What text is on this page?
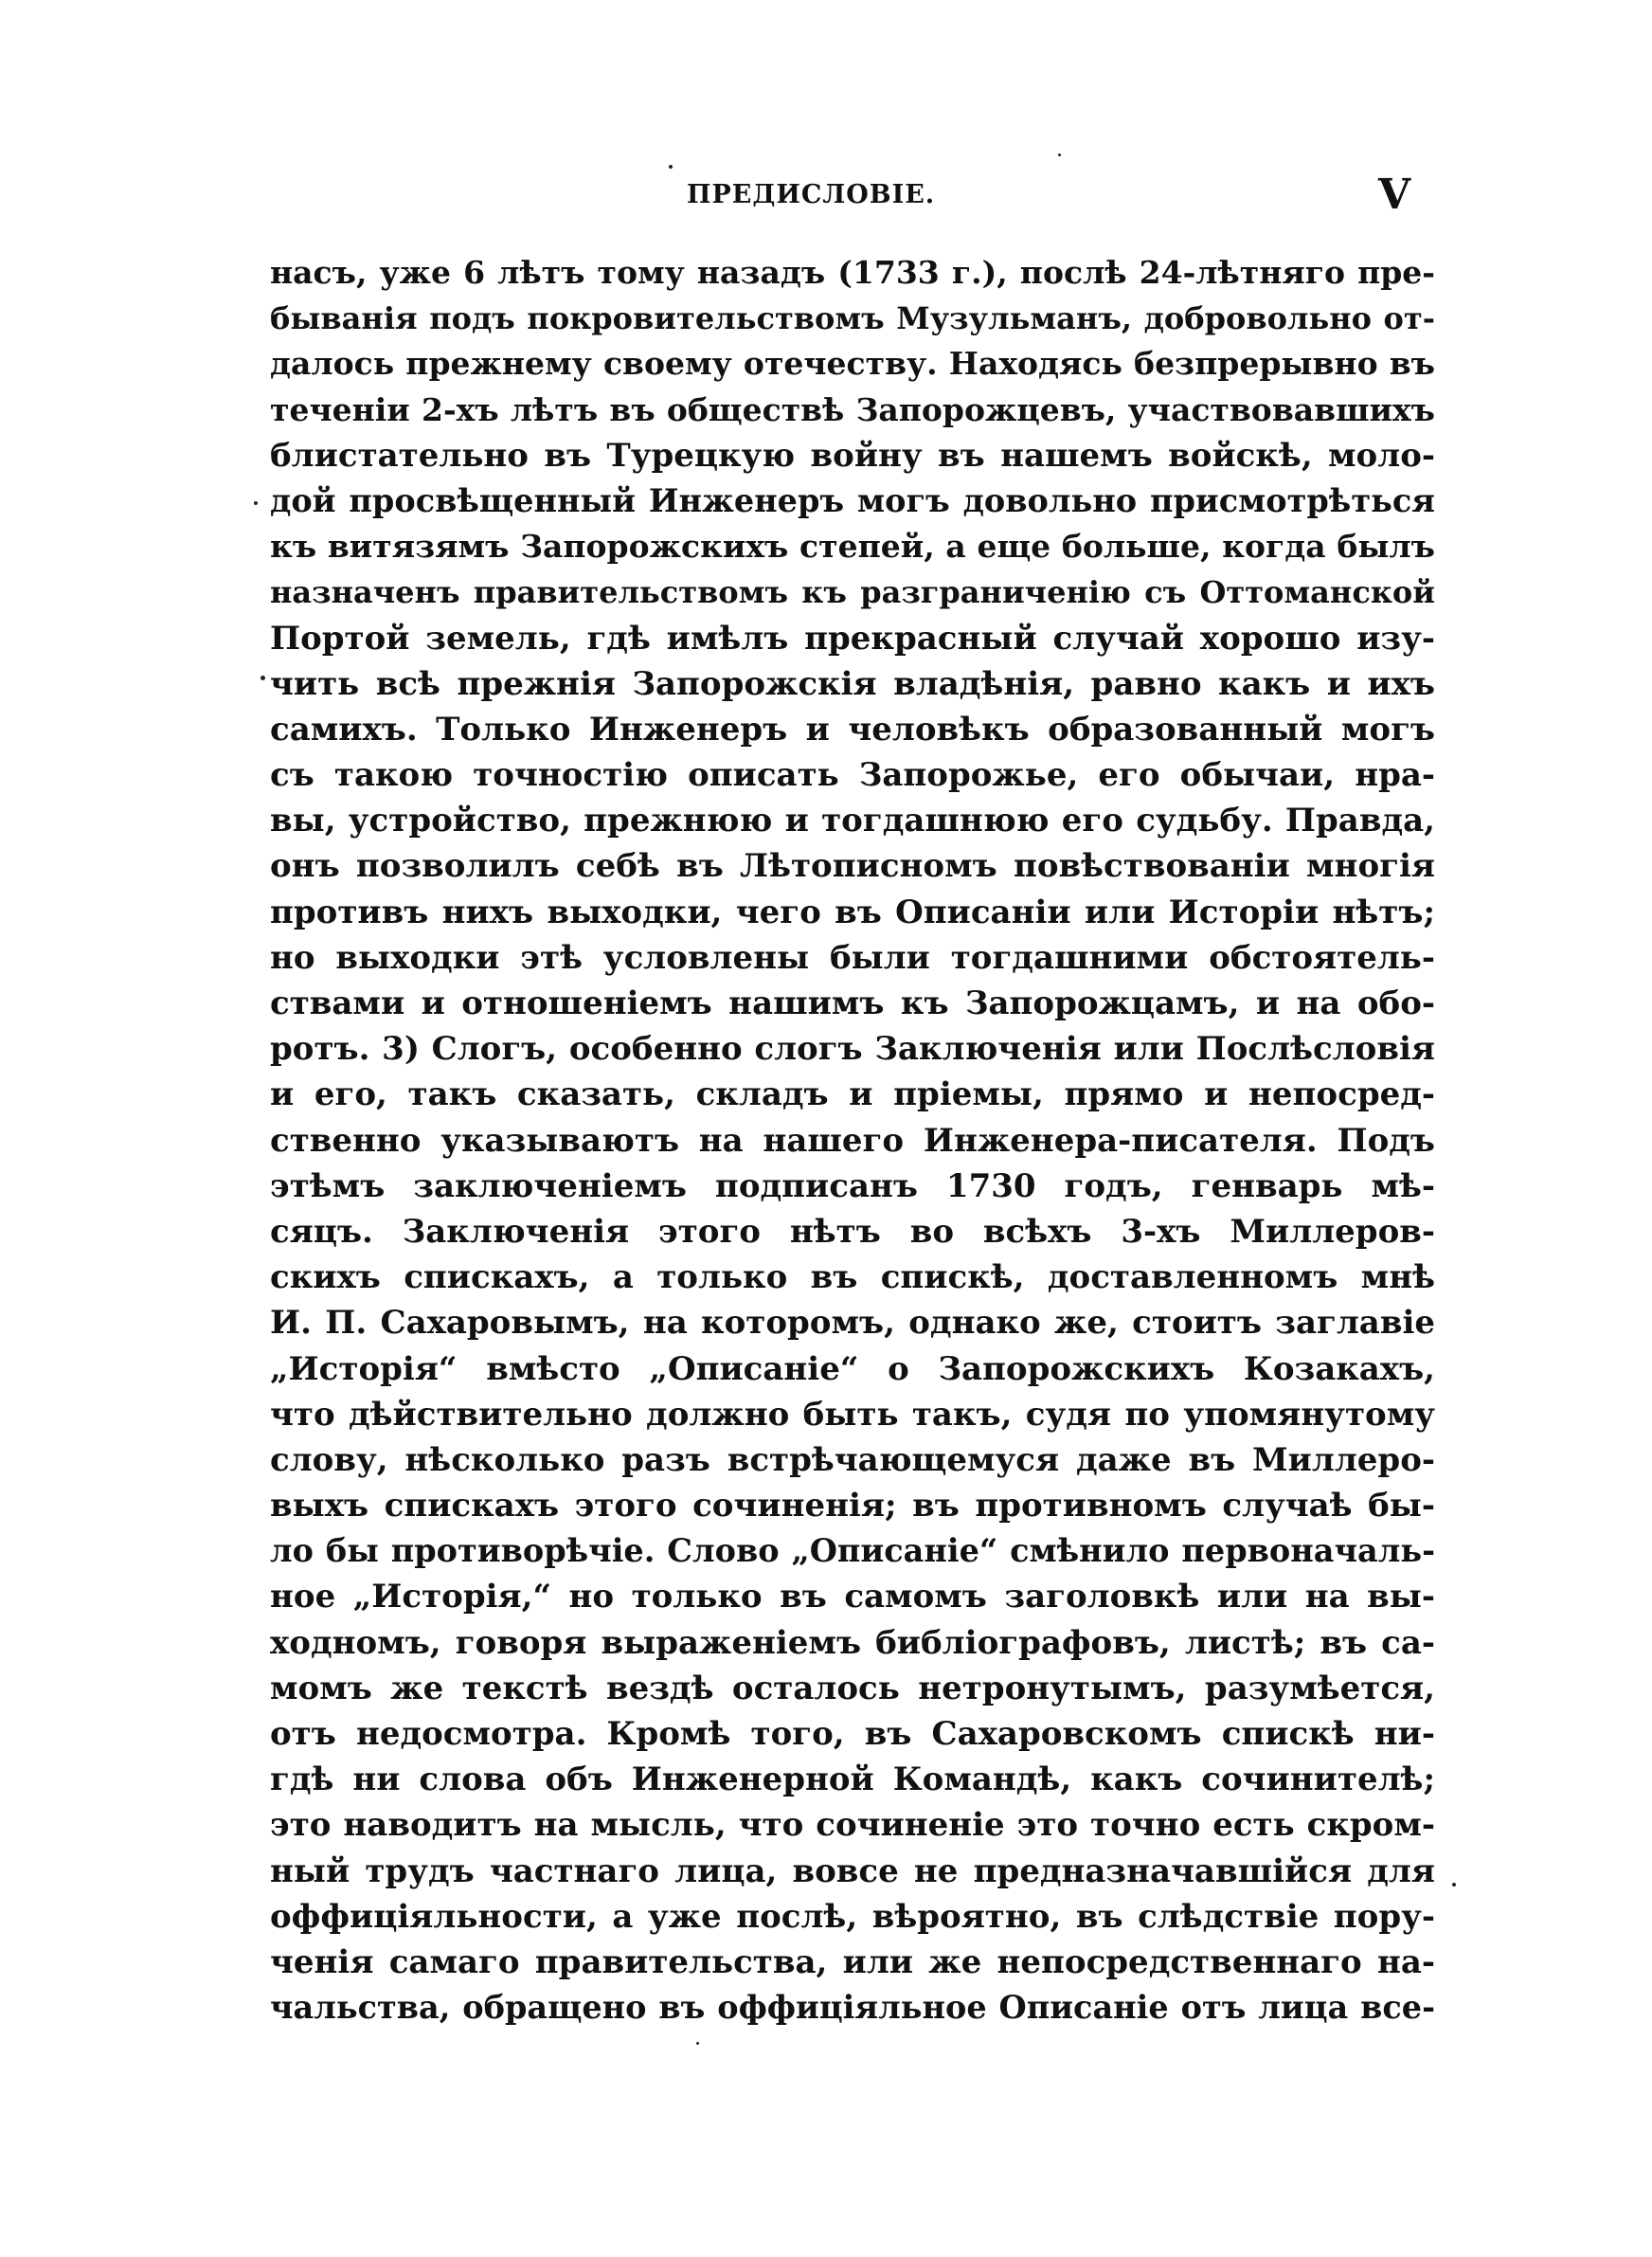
ПРЕДИСЛОВІЕ.	V
насъ, уже 6 лѣтъ тому назадъ (1733 г.), послѣ 24-лѣтняго пре-
быванія подъ покровительствомъ Музульманъ, добровольно от-
далось прежнему своему отечеству. Находясь безпрерывно въ
теченіи 2-хъ лѣтъ въ обществѣ Запорожцевъ, участвовавшихъ
блистательно въ Турецкую войну въ нашемъ войскѣ, моло-
дой просвѣщенный Инженеръ могъ довольно присмотрѣться
къ витязямъ Запорожскихъ степей, а еще больше, когда былъ
назначенъ правительствомъ къ разграниченію съ Оттоманской
Портой земель, гдѣ имѣлъ прекрасный случай хорошо изу-
чить всѣ прежнія Запорожскія владѣнія, равно какъ и ихъ
самихъ. Только Инженеръ и человѣкъ образованный могъ
съ такою точностію описать Запорожье, его обычаи, нра-
вы, устройство, прежнюю и тогдашнюю его судьбу. Правда,
онъ позволилъ себѣ въ Лѣтописномъ повѣствованіи многія
противъ нихъ выходки, чего въ Описаніи или Исторіи нѣтъ;
но выходки этѣ условлены были тогдашними обстоятель-
ствами и отношеніемъ нашимъ къ Запорожцамъ, и на обо-
ротъ. 3) Слогъ, особенно слогъ Заключенія или Послѣсловія
и его, такъ сказать, складъ и пріемы, прямо и непосред-
ственно указываютъ на нашего Инженера-писателя. Подъ
этѣмъ заключеніемъ подписанъ 1730 годъ, генварь мѣ-
сяцъ. Заключенія этого нѣтъ во всѣхъ 3-хъ Миллеров-
скихъ спискахъ, а только въ спискѣ, доставленномъ мнѣ
И. П. Сахаровымъ, на которомъ, однако же, стоитъ заглавіе
„Исторія“ вмѣсто „Описаніе“ о Запорожскихъ Козакахъ,
что дѣйствительно должно быть такъ, судя по упомянутому
слову, нѣсколько разъ встрѣчающемуся даже въ Миллеро-
выхъ спискахъ этого сочиненія; въ противномъ случаѣ бы-
ло бы противорѣчіе. Слово „Описаніе“ смѣнило первоначаль-
ное „Исторія,“ но только въ самомъ заголовкѣ или на вы-
ходномъ, говоря выраженіемъ библіографовъ, листѣ; въ са-
момъ же текстѣ вездѣ осталось нетронутымъ, разумѣется,
отъ недосмотра. Кромѣ того, въ Сахаровскомъ спискѣ ни-
гдѣ ни слова объ Инженерной Командѣ, какъ сочинителѣ;
это наводитъ на мысль, что сочиненіе это точно есть скром-
ный трудъ частнаго лица, вовсе не предназначавшійся для
оффиціяльности, а уже послѣ, вѣроятно, въ слѣдствіе пору-
ченія самаго правительства, или же непосредственнаго на-
чальства, обращено въ оффиціяльное Описаніе отъ лица все-
